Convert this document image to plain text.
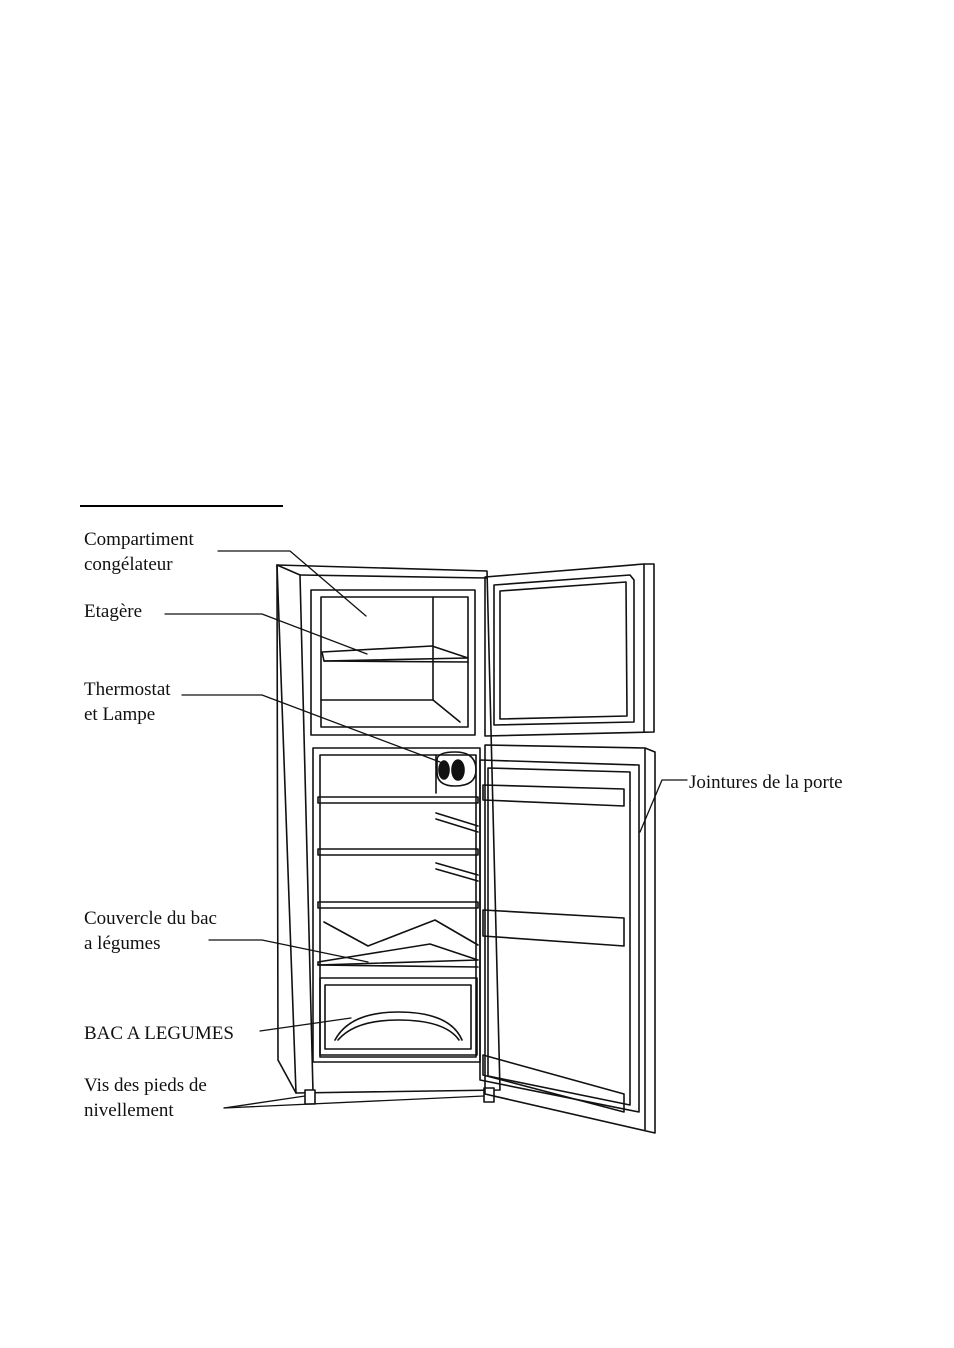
Compartiment
congélateur
Etagère
Thermostat
et Lampe
Jointures de la porte
Couvercle du bac
a légumes
BAC A LEGUMES
Vis des pieds de
nivellement
